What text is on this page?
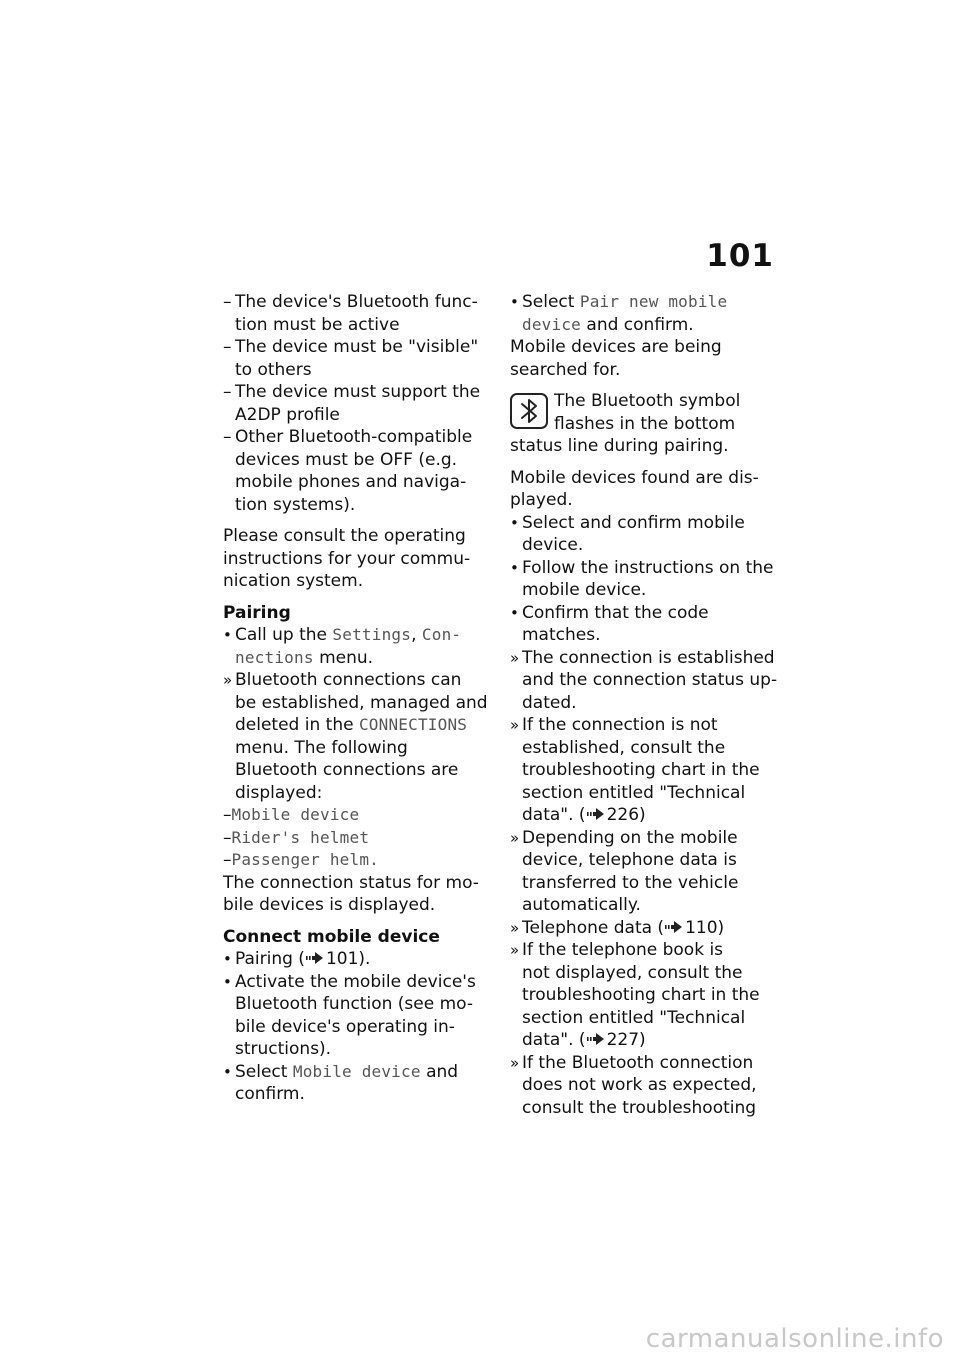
101
– The device's Bluetooth func-
tion must be active
– The device must be "visible"
to others
– The device must support the
A2DP profile
– Other Bluetooth-compatible
devices must be OFF (e.g.
mobile phones and naviga-
tion systems).
Please consult the operating
instructions for your commu-
nication system.
Pairing
• Call up the Settings, Con-
nections menu.
» Bluetooth connections can
be established, managed and
deleted in the CONNECTIONS
menu. The following
Bluetooth connections are
displayed:
–Mobile device
–Rider's helmet
–Passenger helm.
The connection status for mo-
bile devices is displayed.
Connect mobile device
• Pairing ( 101).
• Activate the mobile device's
Bluetooth function (see mo-
bile device's operating in-
structions).
• Select Mobile device and
confirm.
• Select Pair new mobile
device and confirm.
Mobile devices are being
searched for.
The Bluetooth symbol
flashes in the bottom
status line during pairing.
Mobile devices found are dis-
played.
• Select and confirm mobile
device.
• Follow the instructions on the
mobile device.
• Confirm that the code
matches.
» The connection is established
and the connection status up-
dated.
» If the connection is not
established, consult the
troubleshooting chart in the
section entitled "Technical
data". ( 226)
» Depending on the mobile
device, telephone data is
transferred to the vehicle
automatically.
» Telephone data ( 110)
» If the telephone book is
not displayed, consult the
troubleshooting chart in the
section entitled "Technical
data". ( 227)
» If the Bluetooth connection
does not work as expected,
consult the troubleshooting
carmanualsonline.info
